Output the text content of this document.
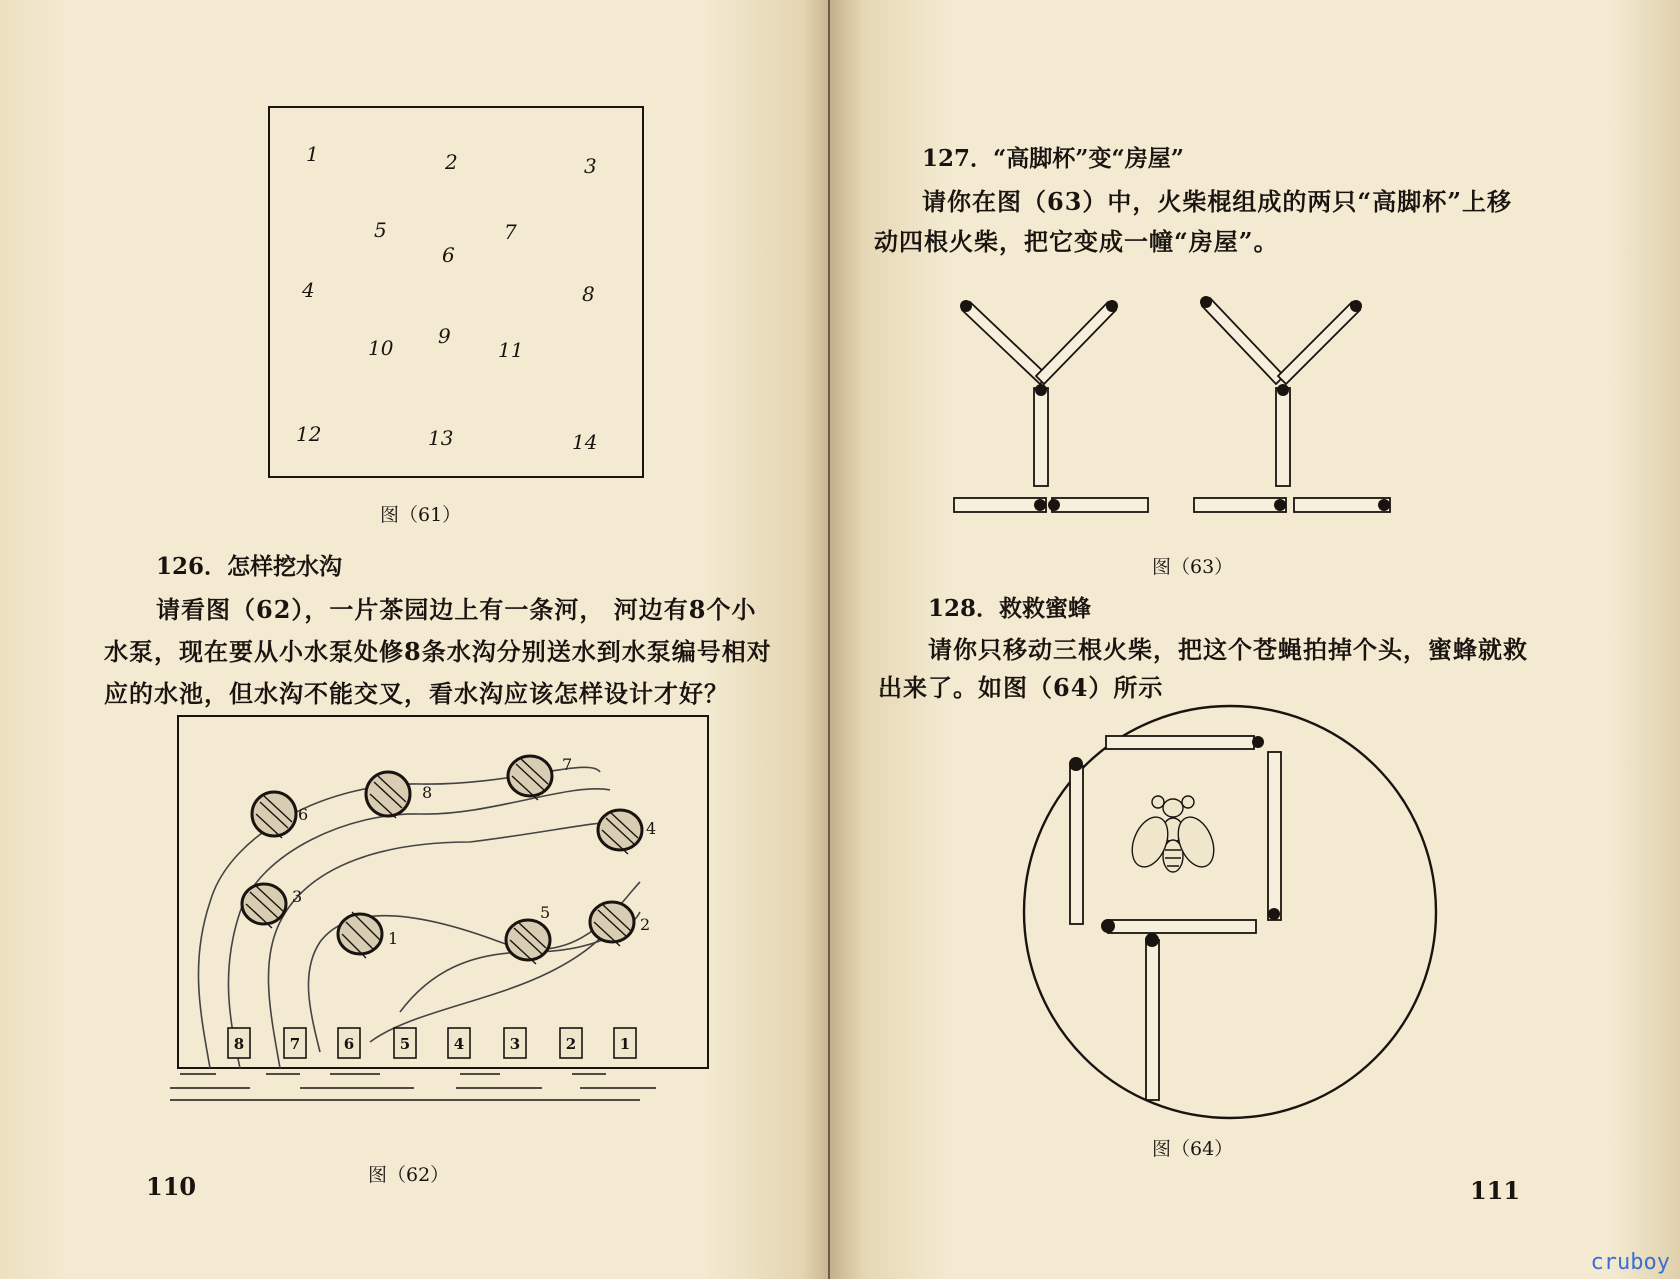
1	2	3
4
5
6
7
8
9
10	11
12	13	14
图（61）
126．怎样挖水沟
请看图（62），一片茶园边上有一条河， 河边有8个小
水泵，现在要从小水泵处修8条水沟分别送水到水泵编号相对
应的水池，但水沟不能交叉，看水沟应该怎样设计才好？
1
2
3
4
5
6
7
8
8	7	6	5	4	3	2	1
图（62）
110
127．“高脚杯”变“房屋”
请你在图（63）中，火柴棍组成的两只“高脚杯”上移
动四根火柴，把它变成一幢“房屋”。
图（63）
128．救救蜜蜂
请你只移动三根火柴，把这个苍蝇拍掉个头，蜜蜂就救
出来了。如图（64）所示
图（64）
111
cruboy
